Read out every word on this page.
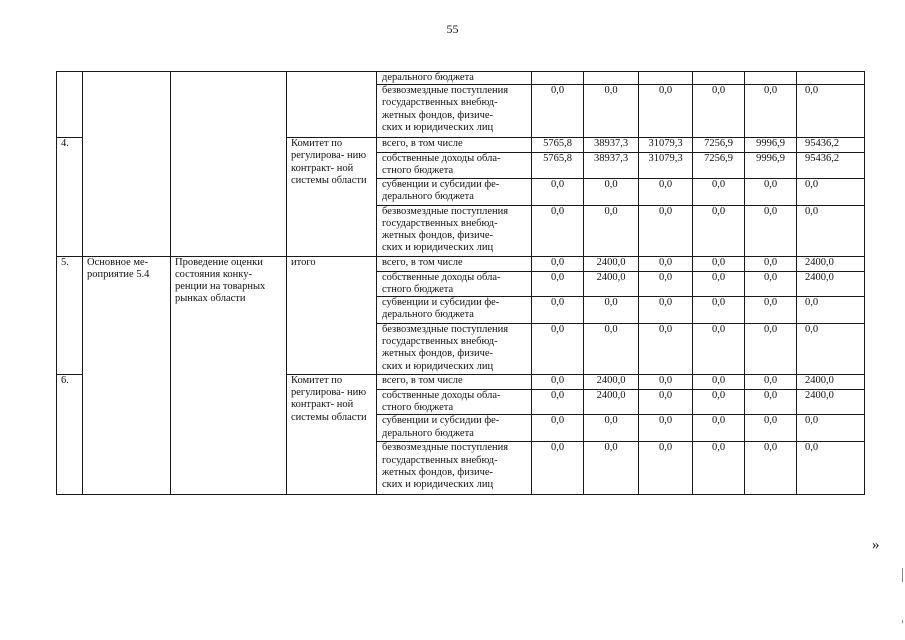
55

				дерального бюджета						

				безвозмездные поступления
государственных внебюд-
жетных фондов, физиче-
ских и юридических лиц	0,0	0,0	0,0	0,0	0,0	0,0
4.			Комитет по регулирова- нию контракт- ной системы области	всего, в том числе	5765,8	38937,3	31079,3	7256,9	9996,9	95436,2

				собственные доходы обла-
стного бюджета	5765,8	38937,3	31079,3	7256,9	9996,9	95436,2

				субвенции и субсидии фе-
дерального бюджета	0,0	0,0	0,0	0,0	0,0	0,0

				безвозмездные поступления
государственных внебюд-
жетных фондов, физиче-
ских и юридических лиц	0,0	0,0	0,0	0,0	0,0	0,0
5.	Основное ме- роприятие 5.4	Проведение оценки состояния конку- ренции на товарных рынках области	итого	всего, в том числе	0,0	2400,0	0,0	0,0	0,0	2400,0

				собственные доходы обла-
стного бюджета	0,0	2400,0	0,0	0,0	0,0	2400,0

				субвенции и субсидии фе-
дерального бюджета	0,0	0,0	0,0	0,0	0,0	0,0

				безвозмездные поступления
государственных внебюд-
жетных фондов, физиче-
ских и юридических лиц	0,0	0,0	0,0	0,0	0,0	0,0
6.			Комитет по регулирова- нию контракт- ной системы области	всего, в том числе	0,0	2400,0	0,0	0,0	0,0	2400,0

				собственные доходы обла-
стного бюджета	0,0	2400,0	0,0	0,0	0,0	2400,0

				субвенции и субсидии фе-
дерального бюджета	0,0	0,0	0,0	0,0	0,0	0,0

				безвозмездные поступления
государственных внебюд-
жетных фондов, физиче-
ских и юридических лиц	0,0	0,0	0,0	0,0	0,0	0,0
»
